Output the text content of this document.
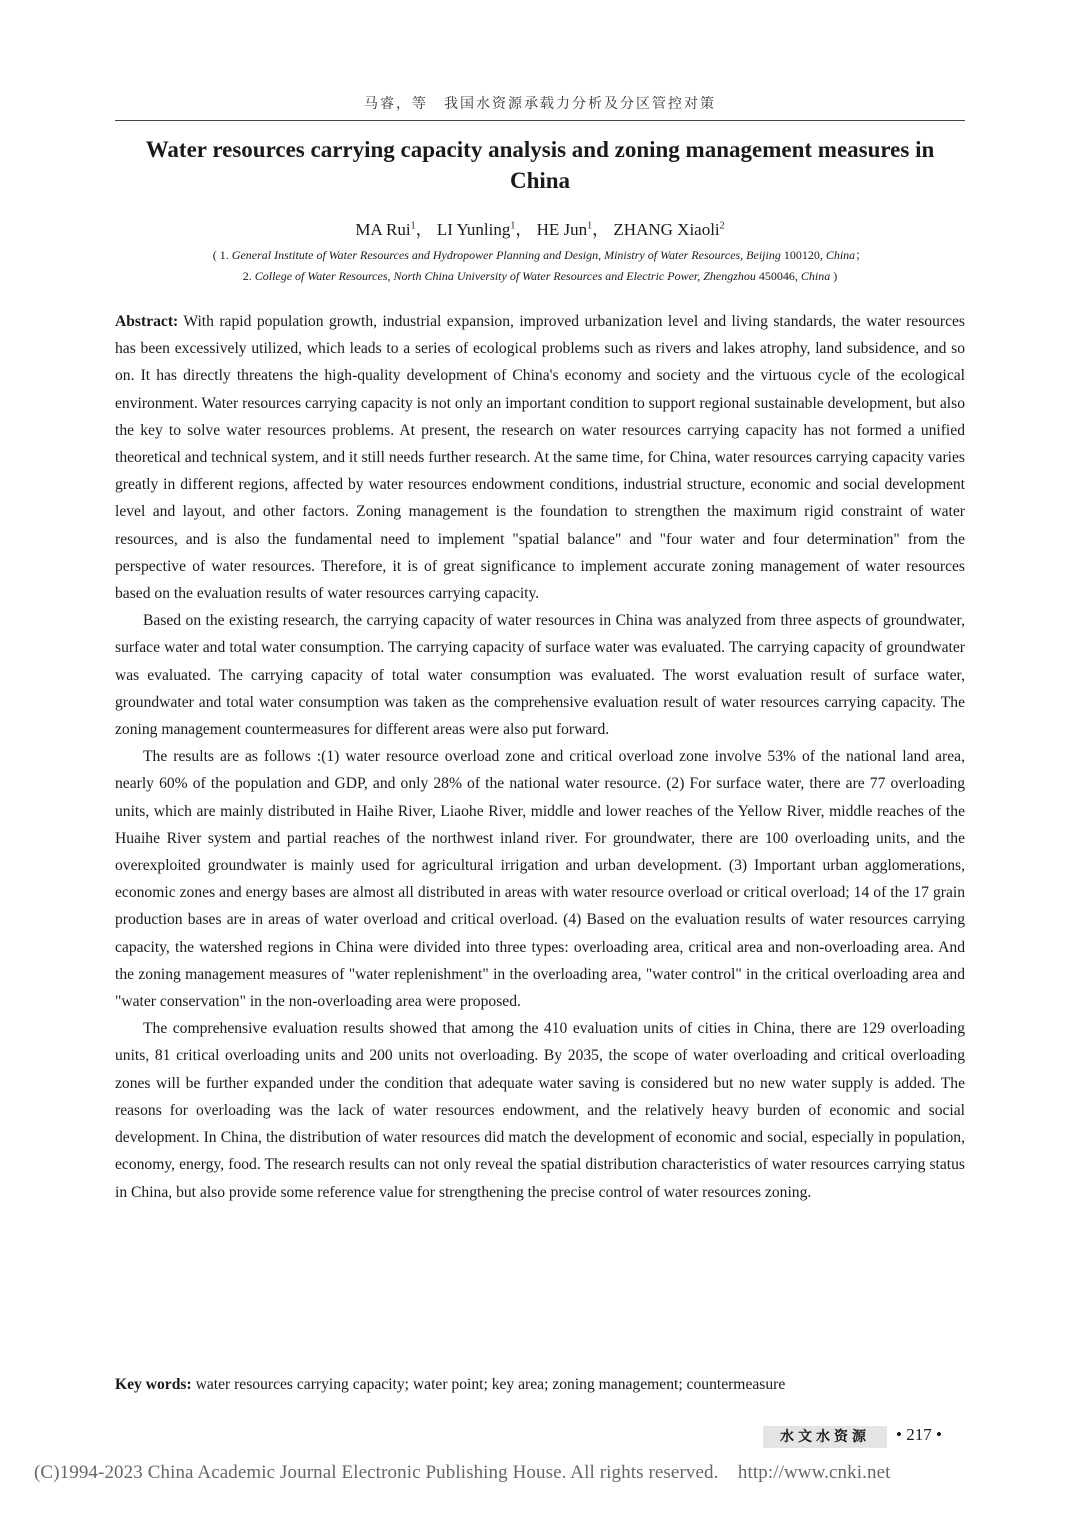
马睿，等　我国水资源承载力分析及分区管控对策
Water resources carrying capacity analysis and zoning management measures in China
MA Rui$^1$， LI Yunling$^1$， HE Jun$^1$， ZHANG Xiaoli$^2$
( 1. General Institute of Water Resources and Hydropower Planning and Design, Ministry of Water Resources, Beijing 100120, China；
2. College of Water Resources, North China University of Water Resources and Electric Power, Zhengzhou 450046, China )

Abstract: With rapid population growth, industrial expansion, improved urbanization level and living standards, the water resources has been excessively utilized, which leads to a series of ecological problems such as rivers and lakes atrophy, land subsidence, and so on. It has directly threatens the high-quality development of China's economy and society and the virtuous cycle of the ecological environment. Water resources carrying capacity is not only an important condition to support regional sustainable development, but also the key to solve water resources problems. At present, the research on water resources carrying capacity has not formed a unified theoretical and technical system, and it still needs further research. At the same time, for China, water resources carrying capacity varies greatly in different regions, affected by water resources endowment conditions, industrial structure, economic and social development level and layout, and other factors. Zoning management is the foundation to strengthen the maximum rigid constraint of water resources, and is also the fundamental need to implement "spatial balance" and "four water and four determination" from the perspective of water resources. Therefore, it is of great significance to implement accurate zoning management of water resources based on the evaluation results of water resources carrying capacity.

Based on the existing research, the carrying capacity of water resources in China was analyzed from three aspects of groundwater, surface water and total water consumption. The carrying capacity of surface water was evaluated. The carrying capacity of groundwater was evaluated. The carrying capacity of total water consumption was evaluated. The worst evaluation result of surface water, groundwater and total water consumption was taken as the comprehensive evaluation result of water resources carrying capacity. The zoning management countermeasures for different areas were also put forward.

The results are as follows :(1) water resource overload zone and critical overload zone involve 53% of the national land area, nearly 60% of the population and GDP, and only 28% of the national water resource. (2) For surface water, there are 77 overloading units, which are mainly distributed in Haihe River, Liaohe River, middle and lower reaches of the Yellow River, middle reaches of the Huaihe River system and partial reaches of the northwest inland river. For groundwater, there are 100 overloading units, and the overexploited groundwater is mainly used for agricultural irrigation and urban development. (3) Important urban agglomerations, economic zones and energy bases are almost all distributed in areas with water resource overload or critical overload; 14 of the 17 grain production bases are in areas of water overload and critical overload. (4) Based on the evaluation results of water resources carrying capacity, the watershed regions in China were divided into three types: overloading area, critical area and non-overloading area. And the zoning management measures of "water replenishment" in the overloading area, "water control" in the critical overloading area and "water conservation" in the non-overloading area were proposed.

The comprehensive evaluation results showed that among the 410 evaluation units of cities in China, there are 129 overloading units, 81 critical overloading units and 200 units not overloading. By 2035, the scope of water overloading and critical overloading zones will be further expanded under the condition that adequate water saving is considered but no new water supply is added. The reasons for overloading was the lack of water resources endowment, and the relatively heavy burden of economic and social development. In China, the distribution of water resources did match the development of economic and social, especially in population, economy, energy, food. The research results can not only reveal the spatial distribution characteristics of water resources carrying status in China, but also provide some reference value for strengthening the precise control of water resources zoning.

Key words: water resources carrying capacity; water point; key area; zoning management; countermeasure
水文水资源	• 217 •
(C)1994-2023 China Academic Journal Electronic Publishing House. All rights reserved.    http://www.cnki.net
